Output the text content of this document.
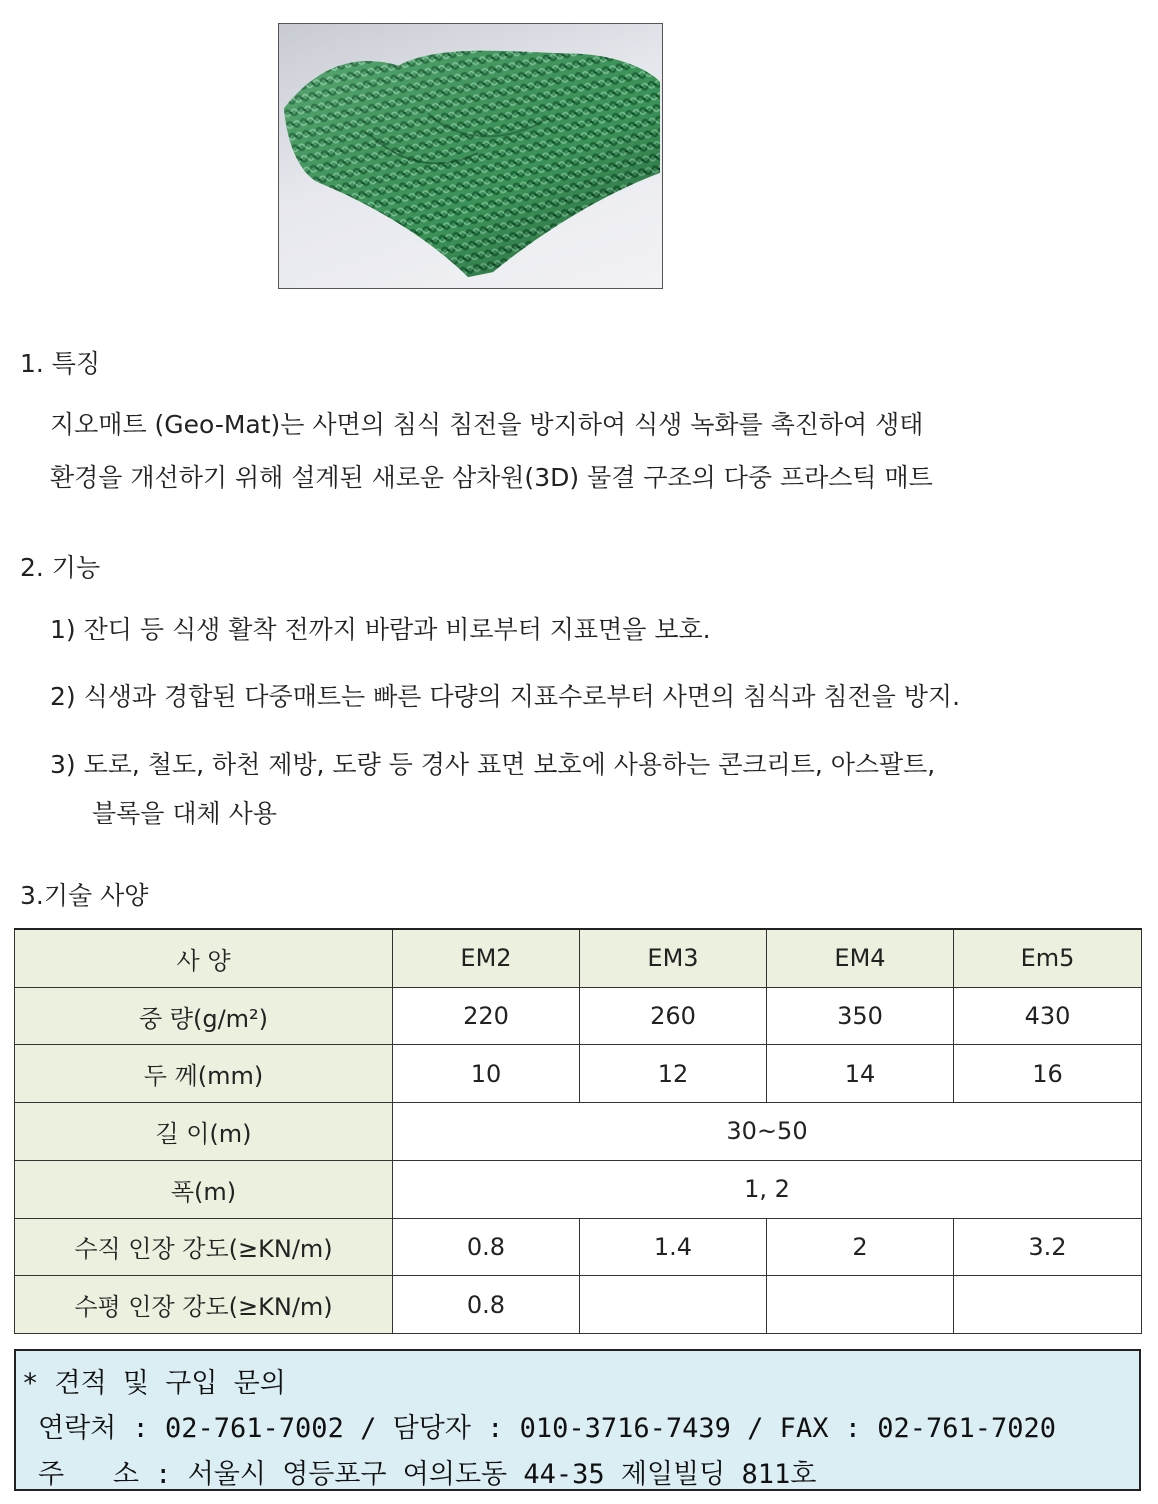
1. 특징
지오매트 (Geo-Mat)는 사면의 침식 침전을 방지하여 식생 녹화를 촉진하여 생태
환경을 개선하기 위해 설계된 새로운 삼차원(3D) 물결 구조의 다중 프라스틱 매트
2. 기능
1) 잔디 등 식생 활착 전까지 바람과 비로부터 지표면을 보호.
2) 식생과 경합된 다중매트는 빠른 다량의 지표수로부터 사면의 침식과 침전을 방지.
3) 도로, 철도, 하천 제방, 도량 등 경사 표면 보호에 사용하는 콘크리트, 아스팔트,
블록을 대체 사용
3.기술 사양
사 양	EM2	EM3	EM4	Em5
중 량(g/m²)	220	260	350	430
두 께(mm)	10	12	14	16
길 이(m)	30~50			
폭(m)	1, 2			
수직 인장 강도(≥KN/m)	0.8	1.4	2	3.2
수평 인장 강도(≥KN/m)	0.8			
* 견적 및 구입 문의
연락처 : 02-761-7002 / 담당자 : 010-3716-7439 / FAX : 02-761-7020
주   소 : 서울시 영등포구 여의도동 44-35 제일빌딩 811호
